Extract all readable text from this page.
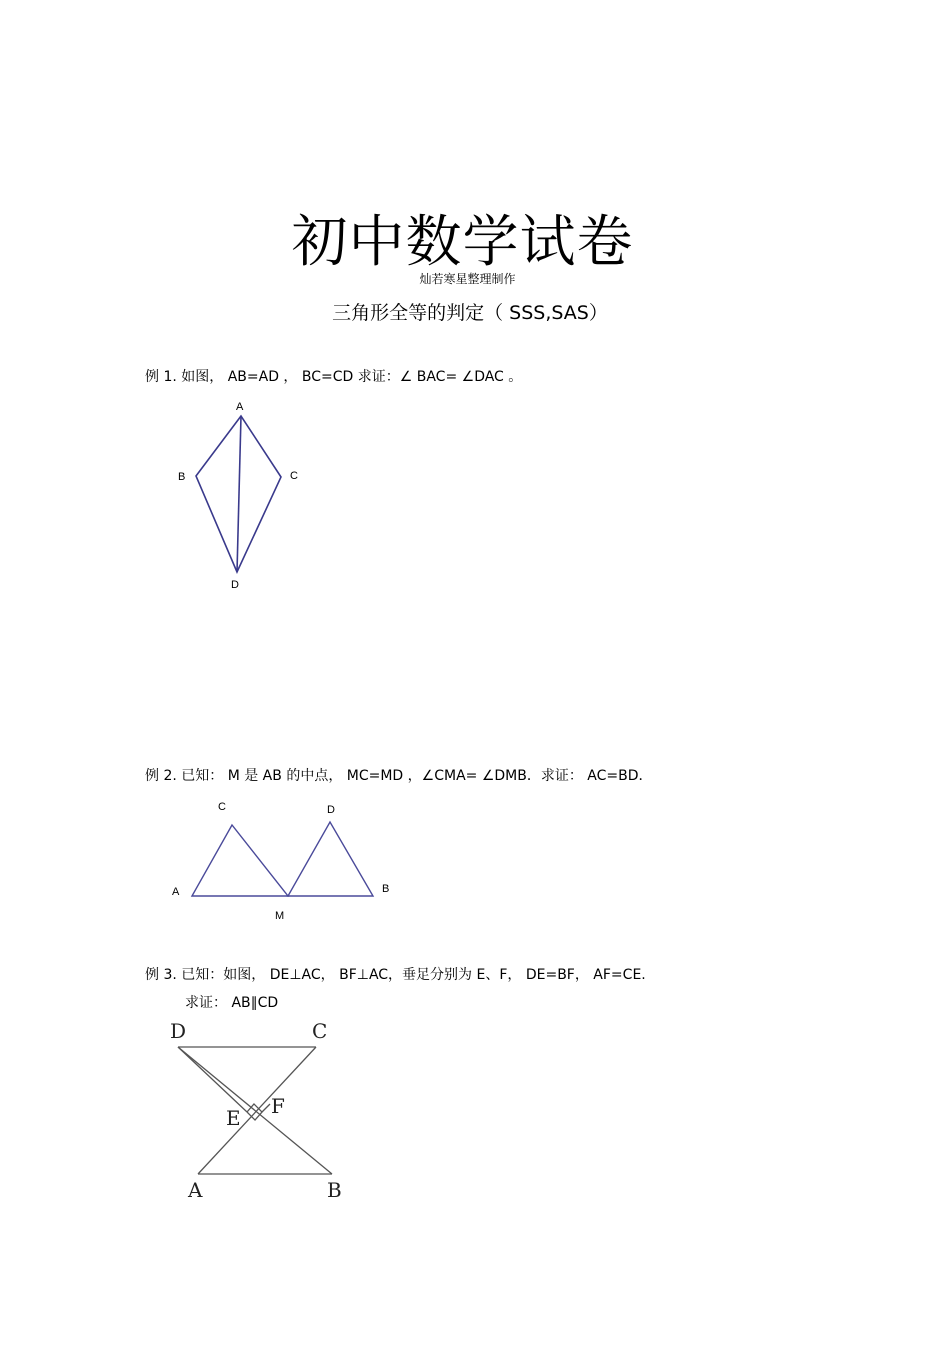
初中数学试卷
灿若寒星整理制作
三角形全等的判定（ SSS,SAS）
例 1. 如图， AB=AD ， BC=CD 求证：∠ BAC= ∠DAC 。
例 2. 已知： M 是 AB 的中点， MC=MD ，∠CMA= ∠DMB．求证： AC=BD．
例 3. 已知：如图， DE⊥AC， BF⊥AC，垂足分别为 E、F， DE=BF， AF=CE.
求证： AB∥CD
A
B	C
D
C	D
A	B
M
D	C
E F
A	B
